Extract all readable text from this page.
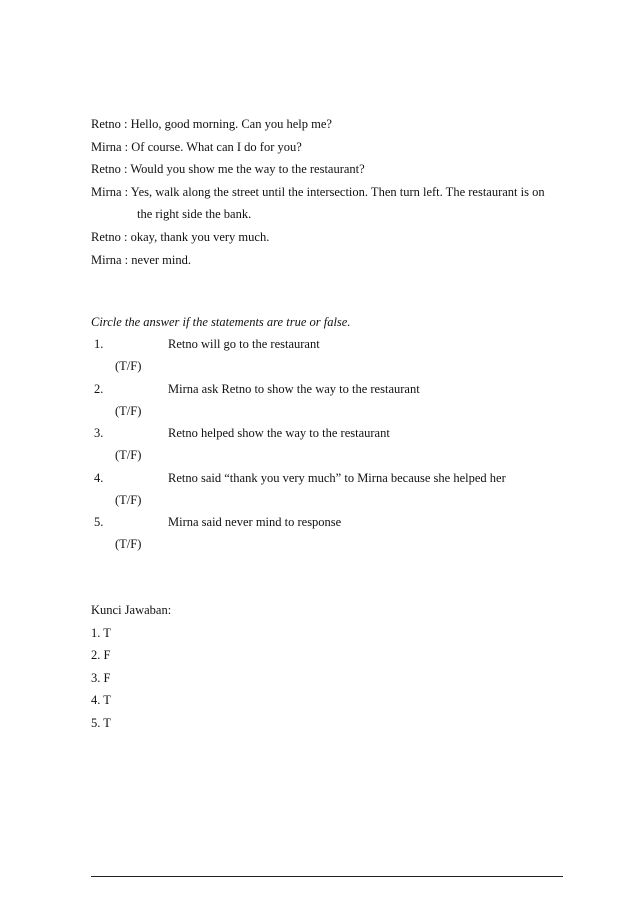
Retno : Hello, good morning. Can you help me?
Mirna : Of course. What can I do for you?
Retno : Would you show me the way to the restaurant?
Mirna : Yes, walk along the street until the intersection. Then turn left. The restaurant is on
the right side the bank.
Retno : okay, thank you very much.
Mirna : never mind.
Circle the answer if the statements are true or false.
1.	Retno will go to the restaurant
(T/F)
2.	Mirna ask Retno to show the way to the restaurant
(T/F)
3.	Retno helped show the way to the restaurant
(T/F)
4.	Retno said “thank you very much” to Mirna because she helped her
(T/F)
5.	Mirna said never mind to response
(T/F)
Kunci Jawaban:
1. T
2. F
3. F
4. T
5. T
